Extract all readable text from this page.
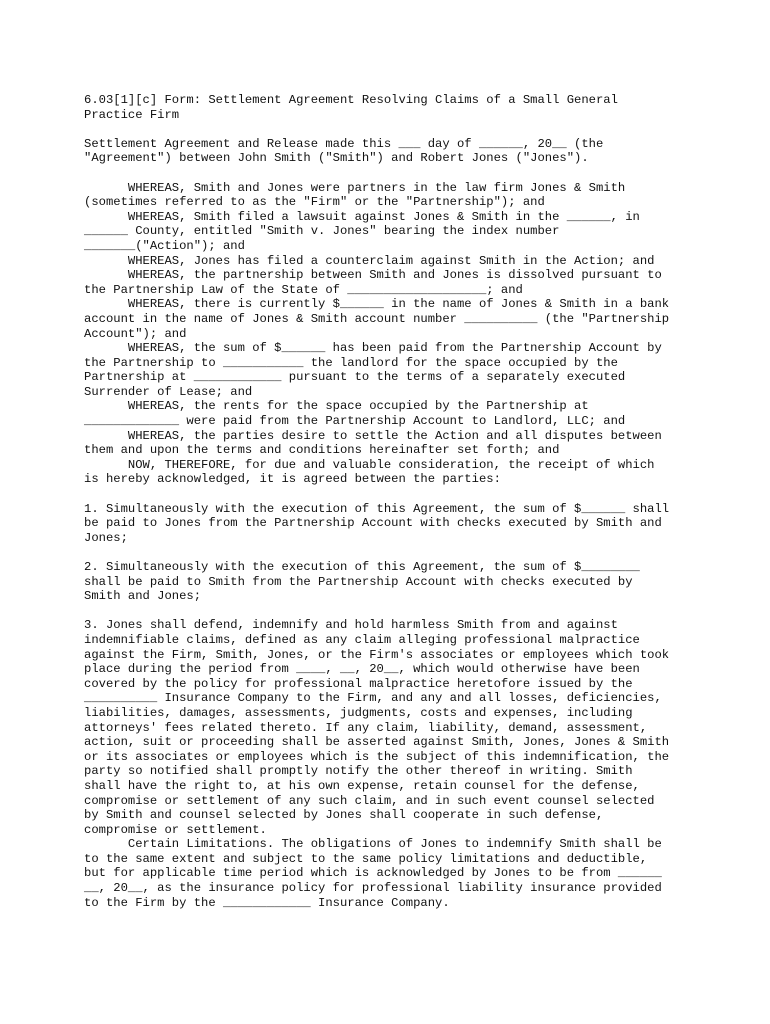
6.03[1][c] Form: Settlement Agreement Resolving Claims of a Small General
Practice Firm
Settlement Agreement and Release made this ___ day of ______, 20__ (the
"Agreement") between John Smith ("Smith") and Robert Jones ("Jones").
WHEREAS, Smith and Jones were partners in the law firm Jones & Smith
(sometimes referred to as the "Firm" or the "Partnership"); and
WHEREAS, Smith filed a lawsuit against Jones & Smith in the ______, in
______ County, entitled "Smith v. Jones" bearing the index number
_______("Action"); and
WHEREAS, Jones has filed a counterclaim against Smith in the Action; and
WHEREAS, the partnership between Smith and Jones is dissolved pursuant to
the Partnership Law of the State of ___________________; and
WHEREAS, there is currently $______ in the name of Jones & Smith in a bank
account in the name of Jones & Smith account number __________ (the "Partnership
Account"); and
WHEREAS, the sum of $______ has been paid from the Partnership Account by
the Partnership to ___________ the landlord for the space occupied by the
Partnership at ____________ pursuant to the terms of a separately executed
Surrender of Lease; and
WHEREAS, the rents for the space occupied by the Partnership at
_____________ were paid from the Partnership Account to Landlord, LLC; and
WHEREAS, the parties desire to settle the Action and all disputes between
them and upon the terms and conditions hereinafter set forth; and
NOW, THEREFORE, for due and valuable consideration, the receipt of which
is hereby acknowledged, it is agreed between the parties:
1. Simultaneously with the execution of this Agreement, the sum of $______ shall
be paid to Jones from the Partnership Account with checks executed by Smith and
Jones;
2. Simultaneously with the execution of this Agreement, the sum of $________
shall be paid to Smith from the Partnership Account with checks executed by
Smith and Jones;
3. Jones shall defend, indemnify and hold harmless Smith from and against
indemnifiable claims, defined as any claim alleging professional malpractice
against the Firm, Smith, Jones, or the Firm's associates or employees which took
place during the period from ____, __, 20__, which would otherwise have been
covered by the policy for professional malpractice heretofore issued by the
__________ Insurance Company to the Firm, and any and all losses, deficiencies,
liabilities, damages, assessments, judgments, costs and expenses, including
attorneys' fees related thereto. If any claim, liability, demand, assessment,
action, suit or proceeding shall be asserted against Smith, Jones, Jones & Smith
or its associates or employees which is the subject of this indemnification, the
party so notified shall promptly notify the other thereof in writing. Smith
shall have the right to, at his own expense, retain counsel for the defense,
compromise or settlement of any such claim, and in such event counsel selected
by Smith and counsel selected by Jones shall cooperate in such defense,
compromise or settlement.
Certain Limitations. The obligations of Jones to indemnify Smith shall be
to the same extent and subject to the same policy limitations and deductible,
but for applicable time period which is acknowledged by Jones to be from ______
__, 20__, as the insurance policy for professional liability insurance provided
to the Firm by the ____________ Insurance Company.
